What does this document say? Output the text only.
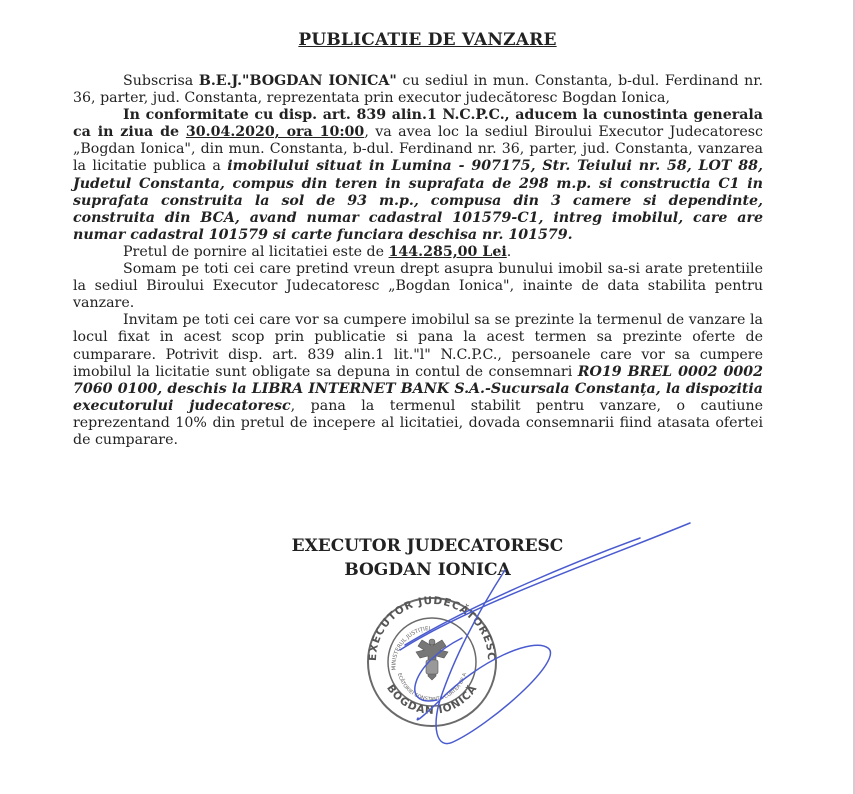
PUBLICATIE DE VANZARE

Subscrisa B.E.J."BOGDAN IONICA" cu sediul in mun. Constanta, b-dul. Ferdinand nr. 36, parter, jud. Constanta, reprezentata prin executor judecătoresc Bogdan Ionica,

In conformitate cu disp. art. 839 alin.1 N.C.P.C., aducem la cunostinta generala ca in ziua de 30.04.2020, ora 10:00, va avea loc la sediul Biroului Executor Judecatoresc „Bogdan Ionica", din mun. Constanta, b-dul. Ferdinand nr. 36, parter, jud. Constanta, vanzarea la licitatie publica a imobilului situat in Lumina - 907175, Str. Teiului nr. 58, LOT 88, Judetul Constanta, compus din teren in suprafata de 298 m.p. si constructia C1 in suprafata construita la sol de 93 m.p., compusa din 3 camere si dependinte, construita din BCA, avand numar cadastral 101579-C1, intreg imobilul, care are numar cadastral 101579 si carte funciara deschisa nr. 101579.

Pretul de pornire al licitatiei este de 144.285,00 Lei.

Somam pe toti cei care pretind vreun drept asupra bunului imobil sa-si arate pretentiile la sediul Biroului Executor Judecatoresc „Bogdan Ionica", inainte de data stabilita pentru vanzare.

Invitam pe toti cei care vor sa cumpere imobilul sa se prezinte la termenul de vanzare la locul fixat in acest scop prin publicatie si pana la acest termen sa prezinte oferte de cumparare. Potrivit disp. art. 839 alin.1 lit."l" N.C.P.C., persoanele care vor sa cumpere imobilul la licitatie sunt obligate sa depuna in contul de consemnari RO19 BREL 0002 0002 7060 0100, deschis la LIBRA INTERNET BANK S.A.-Sucursala Constanța, la dispozitia executorului judecatoresc, pana la termenul stabilit pentru vanzare, o cautiune reprezentand 10% din pretul de incepere al licitatiei, dovada consemnarii fiind atasata ofertei de cumparare.

EXECUTOR JUDECATORESC
BOGDAN IONICA
EXECUTOR JUDECĂTORESC
BOGDAN IONICĂ
MINISTERUL JUSTIȚIEI
ECĂTORIEI CONSTANȚA CURTEA DE A
